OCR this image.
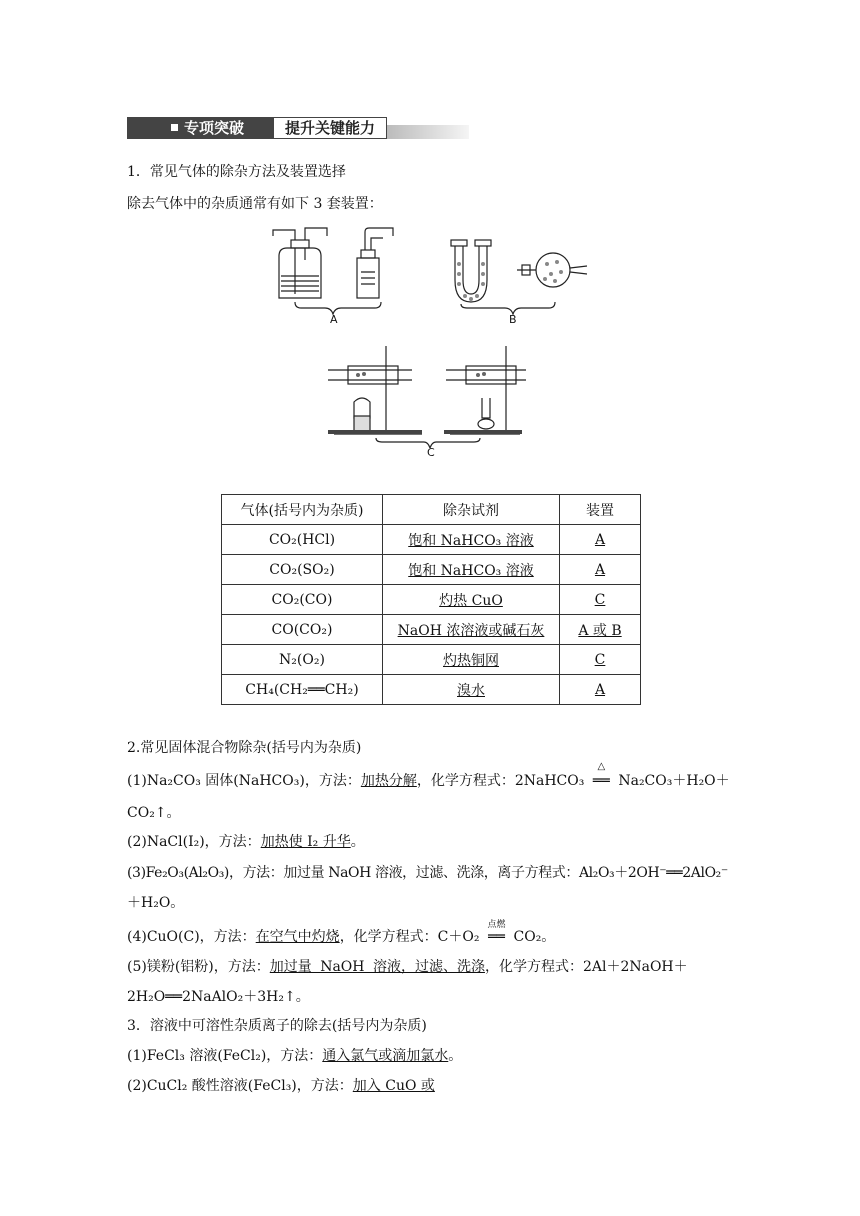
专项突破	提升关键能力
1．常见气体的除杂方法及装置选择
除去气体中的杂质通常有如下 3 套装置：
A	B
C
气体(括号内为杂质)	除杂试剂	装置
CO₂(HCl)	饱和 NaHCO₃ 溶液	A
CO₂(SO₂)	饱和 NaHCO₃ 溶液	A
CO₂(CO)	灼热 CuO	C
CO(CO₂)	NaOH 浓溶液或碱石灰	A 或 B
N₂(O₂)	灼热铜网	C
CH₄(CH₂══CH₂)	溴水	A
2.常见固体混合物除杂(括号内为杂质)
(1)Na₂CO₃ 固体(NaHCO₃)，方法：加热分解，化学方程式：2NaHCO₃
△
══ Na₂CO₃＋H₂O＋
CO₂↑。
(2)NaCl(I₂)，方法：加热使 I₂ 升华。
(3)Fe₂O₃(Al₂O₃)，方法：加过量 NaOH 溶液，过滤、洗涤，离子方程式：Al₂O₃＋2OH⁻══2AlO₂⁻
＋H₂O。
(4)CuO(C)，方法：在空气中灼烧，化学方程式：C＋O₂
点燃
══ CO₂。
(5)镁粉(铝粉)，方法：加过量 NaOH 溶液，过滤、洗涤，化学方程式：2Al＋2NaOH＋
2H₂O══2NaAlO₂＋3H₂↑。
3．溶液中可溶性杂质离子的除去(括号内为杂质)
(1)FeCl₃ 溶液(FeCl₂)，方法：通入氯气或滴加氯水。
(2)CuCl₂ 酸性溶液(FeCl₃)，方法：加入 CuO 或
